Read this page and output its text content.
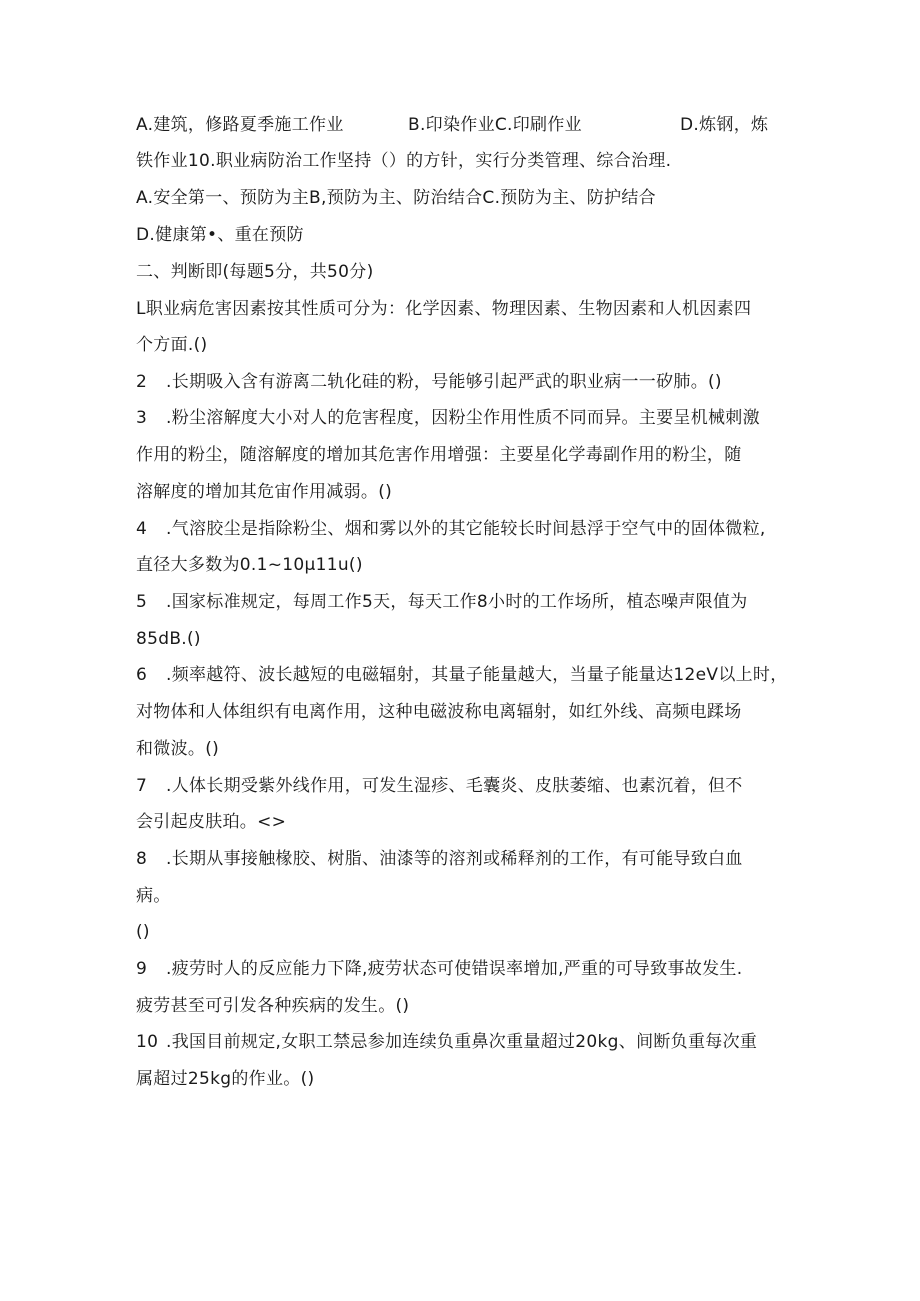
A.建筑，修路夏季施工作业	B.印染作业C.印刷作业	D.炼钢，炼
铁作业10.职业病防治工作坚持（）的方针，实行分类管理、综合治理.
A.安全第一、预防为主B,预防为主、防治结合C.预防为主、防护结合
D.健康第•、重在预防
二、判断即(每题5分，共50分)
L职业病危害因素按其性质可分为：化学因素、物理因素、生物因素和人机因素四
个方面.()
2 .长期吸入含有游离二轨化硅的粉，号能够引起严武的职业病一一矽肺。()
3 .粉尘溶解度大小对人的危害程度，因粉尘作用性质不同而异。主要呈机械刺激
作用的粉尘，随溶解度的增加其危害作用增强：主要星化学毒副作用的粉尘，随
溶解度的增加其危宙作用减弱。()
4 .气溶胶尘是指除粉尘、烟和雾以外的其它能较长时间悬浮于空气中的固体微粒,
直径大多数为0.1~10μ11u()
5 .国家标准规定，每周工作5天，每天工作8小时的工作场所，植态噪声限值为
85dB.()
6 .频率越符、波长越短的电磁辐射，其量子能量越大，当量子能量达12eV以上时，
对物体和人体组织有电离作用，这种电磁波称电离辐射，如红外线、高频电蹂场
和微波。()
7 .人体长期受紫外线作用，可发生湿疹、毛囊炎、皮肤萎缩、也素沉着，但不
会引起皮肤珀。<>
8 .长期从事接触椽胶、树脂、油漆等的溶剂或稀释剂的工作，有可能导致白血
病。
()
9 .疲劳时人的反应能力下降,疲劳状态可使错误率增加,严重的可导致事故发生.
疲劳甚至可引发各种疾病的发生。()
10 .我国目前规定,女职工禁忌参加连续负重鼻次重量超过20kg、间断负重每次重
属超过25kg的作业。()
